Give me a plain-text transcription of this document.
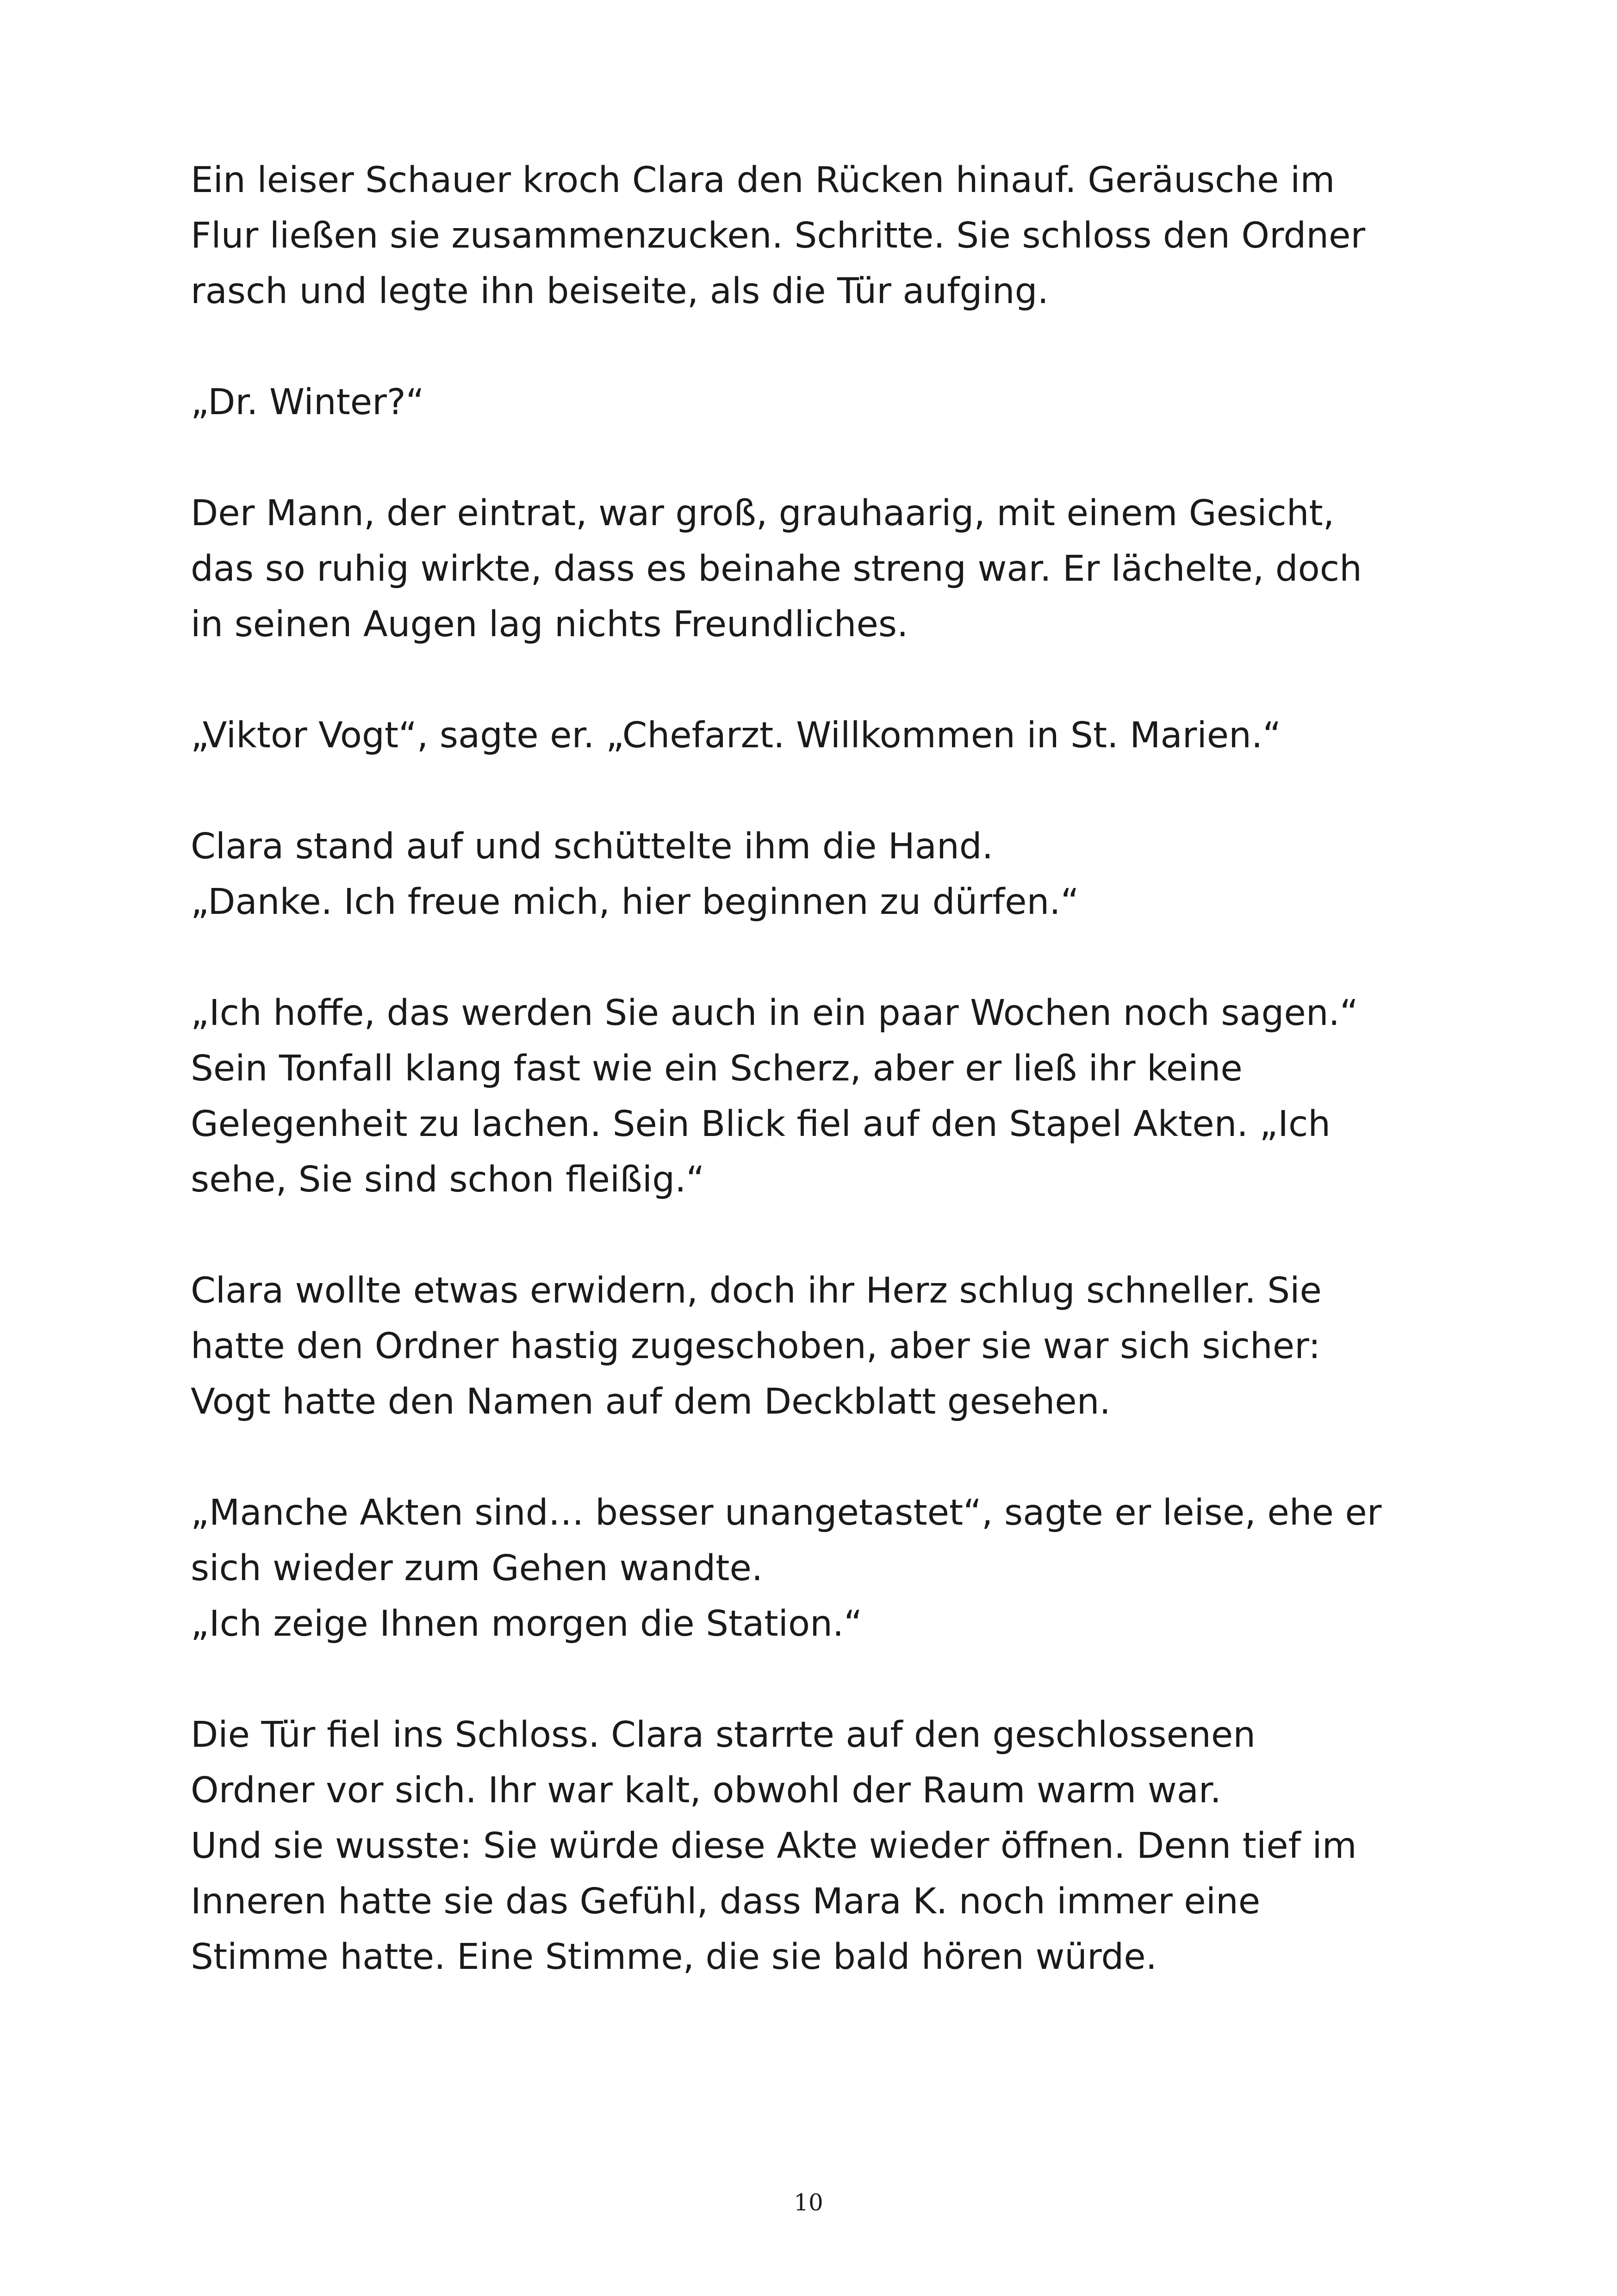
Ein leiser Schauer kroch Clara den Rücken hinauf. Geräusche im
Flur ließen sie zusammenzucken. Schritte. Sie schloss den Ordner
rasch und legte ihn beiseite, als die Tür aufging.

„Dr. Winter?“

Der Mann, der eintrat, war groß, grauhaarig, mit einem Gesicht,
das so ruhig wirkte, dass es beinahe streng war. Er lächelte, doch
in seinen Augen lag nichts Freundliches.

„Viktor Vogt“, sagte er. „Chefarzt. Willkommen in St. Marien.“

Clara stand auf und schüttelte ihm die Hand.
„Danke. Ich freue mich, hier beginnen zu dürfen.“

„Ich hoffe, das werden Sie auch in ein paar Wochen noch sagen.“
Sein Tonfall klang fast wie ein Scherz, aber er ließ ihr keine
Gelegenheit zu lachen. Sein Blick fiel auf den Stapel Akten. „Ich
sehe, Sie sind schon fleißig.“

Clara wollte etwas erwidern, doch ihr Herz schlug schneller. Sie
hatte den Ordner hastig zugeschoben, aber sie war sich sicher:
Vogt hatte den Namen auf dem Deckblatt gesehen.

„Manche Akten sind… besser unangetastet“, sagte er leise, ehe er
sich wieder zum Gehen wandte.
„Ich zeige Ihnen morgen die Station.“

Die Tür fiel ins Schloss. Clara starrte auf den geschlossenen
Ordner vor sich. Ihr war kalt, obwohl der Raum warm war.
Und sie wusste: Sie würde diese Akte wieder öffnen. Denn tief im
Inneren hatte sie das Gefühl, dass Mara K. noch immer eine
Stimme hatte. Eine Stimme, die sie bald hören würde.

10
